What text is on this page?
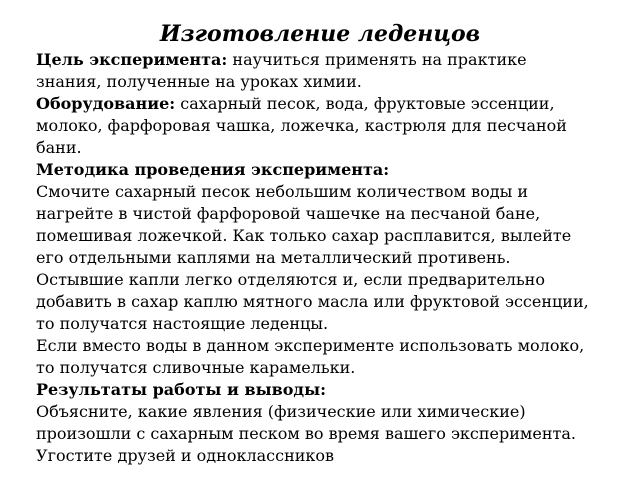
Изготовление леденцов

Цель эксперимента: научиться применять на практике знания, полученные на уроках химии.

Оборудование: сахарный песок, вода, фруктовые эссенции, молоко, фарфоровая чашка, ложечка, кастрюля для песчаной бани.

Методика проведения эксперимента:

Смочите сахарный песок небольшим количеством воды и нагрейте в чистой фарфоровой чашечке на песчаной бане, помешивая ложечкой. Как только сахар расплавится, вылейте его отдельными каплями на металлический противень. Остывшие капли легко отделяются и, если предварительно добавить в сахар каплю мятного масла или фруктовой эссенции, то получатся настоящие леденцы.

Если вместо воды в данном эксперименте использовать молоко, то получатся сливочные карамельки.

Результаты работы и выводы:

Объясните, какие явления (физические или химические) произошли с сахарным песком во время вашего эксперимента. Угостите друзей и одноклассников
